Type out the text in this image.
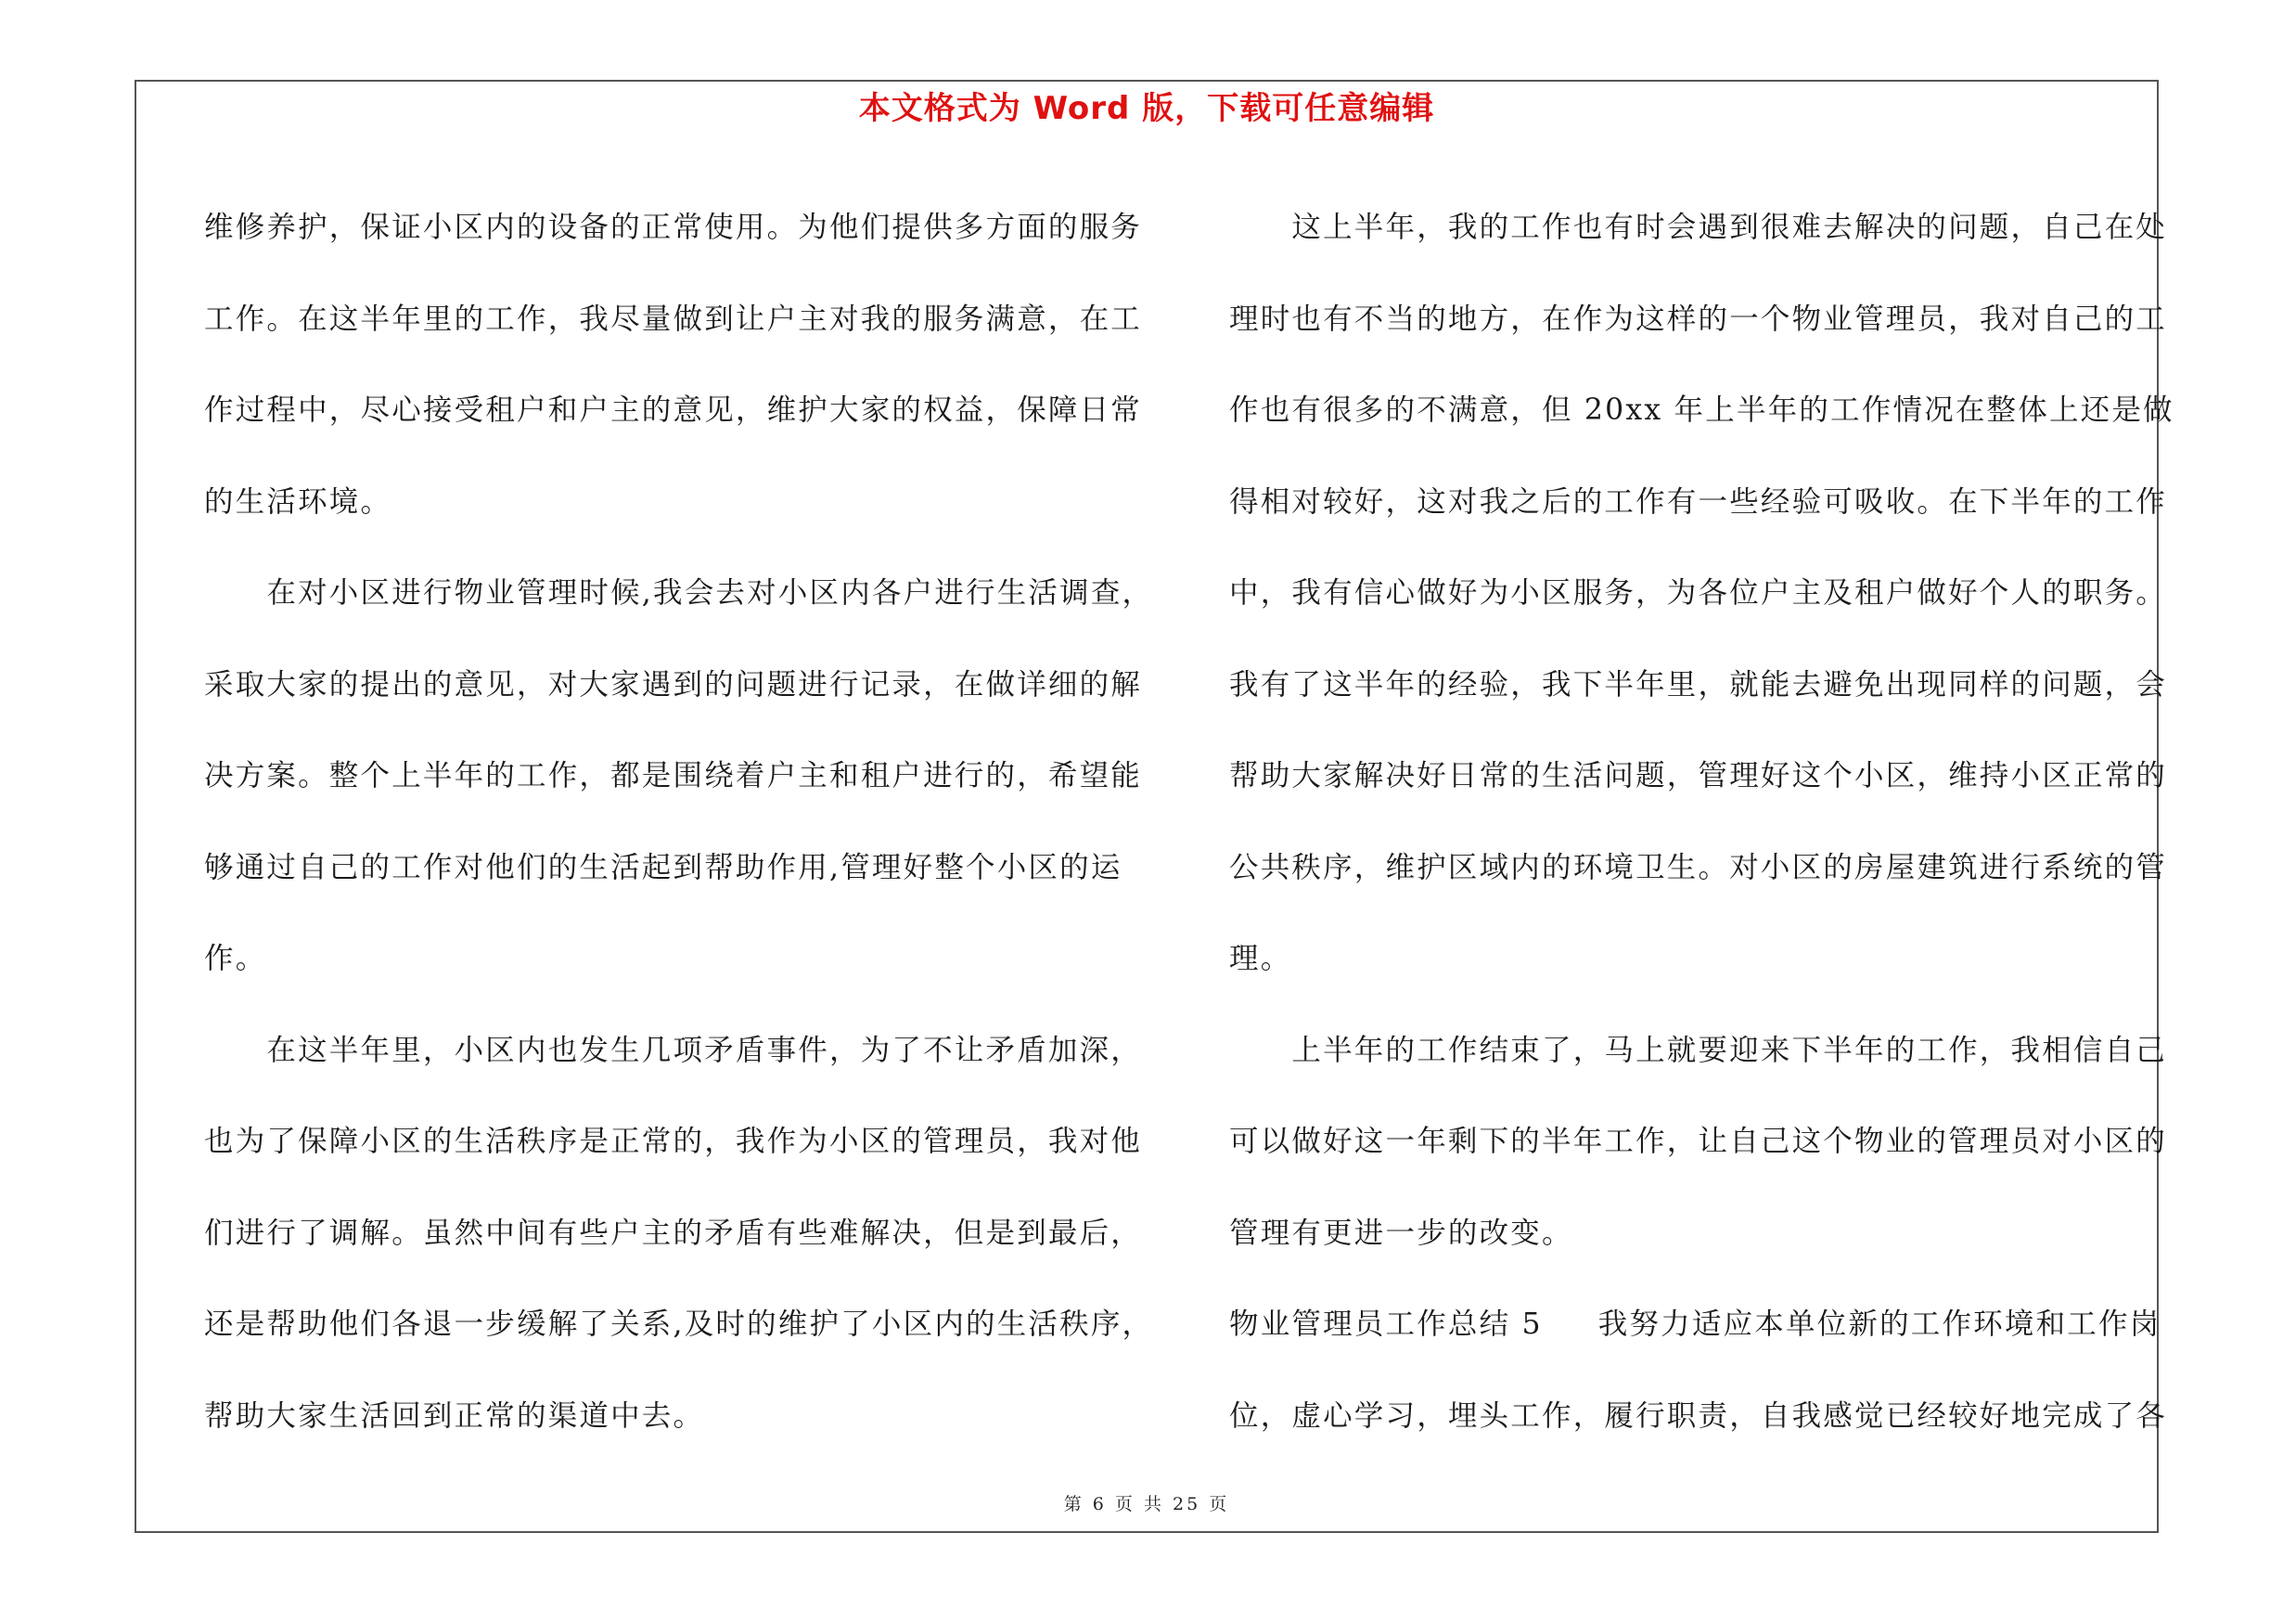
本文格式为 Word 版，下载可任意编辑
维修养护，保证小区内的设备的正常使用。为他们提供多方面的服务
工作。在这半年里的工作，我尽量做到让户主对我的服务满意，在工
作过程中，尽心接受租户和户主的意见，维护大家的权益，保障日常
的生活环境。
　　在对小区进行物业管理时候,我会去对小区内各户进行生活调查，
采取大家的提出的意见，对大家遇到的问题进行记录，在做详细的解
决方案。整个上半年的工作，都是围绕着户主和租户进行的，希望能
够通过自己的工作对他们的生活起到帮助作用,管理好整个小区的运
作。
　　在这半年里，小区内也发生几项矛盾事件，为了不让矛盾加深，
也为了保障小区的生活秩序是正常的，我作为小区的管理员，我对他
们进行了调解。虽然中间有些户主的矛盾有些难解决，但是到最后，
还是帮助他们各退一步缓解了关系,及时的维护了小区内的生活秩序，
帮助大家生活回到正常的渠道中去。
　　这上半年，我的工作也有时会遇到很难去解决的问题，自己在处
理时也有不当的地方，在作为这样的一个物业管理员，我对自己的工
作也有很多的不满意，但 20xx 年上半年的工作情况在整体上还是做
得相对较好，这对我之后的工作有一些经验可吸收。在下半年的工作
中，我有信心做好为小区服务，为各位户主及租户做好个人的职务。
我有了这半年的经验，我下半年里，就能去避免出现同样的问题，会
帮助大家解决好日常的生活问题，管理好这个小区，维持小区正常的
公共秩序，维护区域内的环境卫生。对小区的房屋建筑进行系统的管
理。
　　上半年的工作结束了，马上就要迎来下半年的工作，我相信自己
可以做好这一年剩下的半年工作，让自己这个物业的管理员对小区的
管理有更进一步的改变。
物业管理员工作总结 5 我努力适应本单位新的工作环境和工作岗
位，虚心学习，埋头工作，履行职责，自我感觉已经较好地完成了各
第 6 页 共 25 页
